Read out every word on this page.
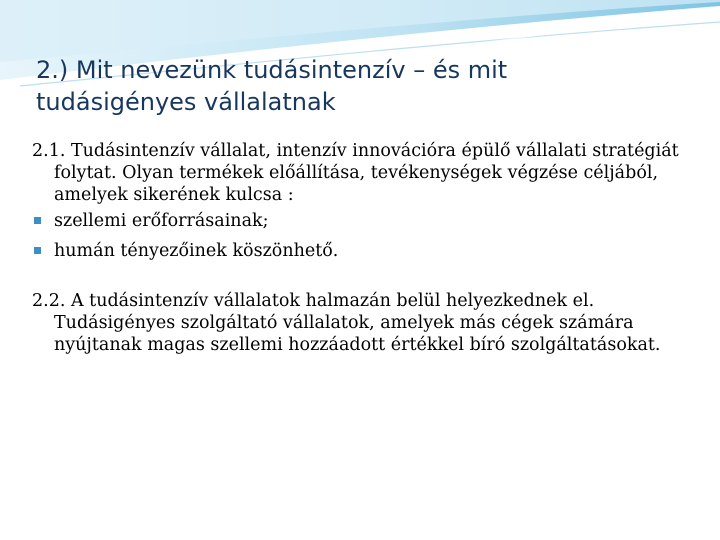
2.) Mit nevezünk tudásintenzív – és mit
tudásigényes vállalatnak

2.1. Tudásintenzív vállalat, intenzív innovációra épülő vállalati stratégiát folytat. Olyan termékek előállítása, tevékenységek végzése céljából, amelyek sikerének kulcsa :

szellemi erőforrásainak;
humán tényezőinek köszönhető.

2.2. A tudásintenzív vállalatok halmazán belül helyezkednek el. Tudásigényes szolgáltató vállalatok, amelyek más cégek számára nyújtanak magas szellemi hozzáadott értékkel bíró szolgáltatásokat.
